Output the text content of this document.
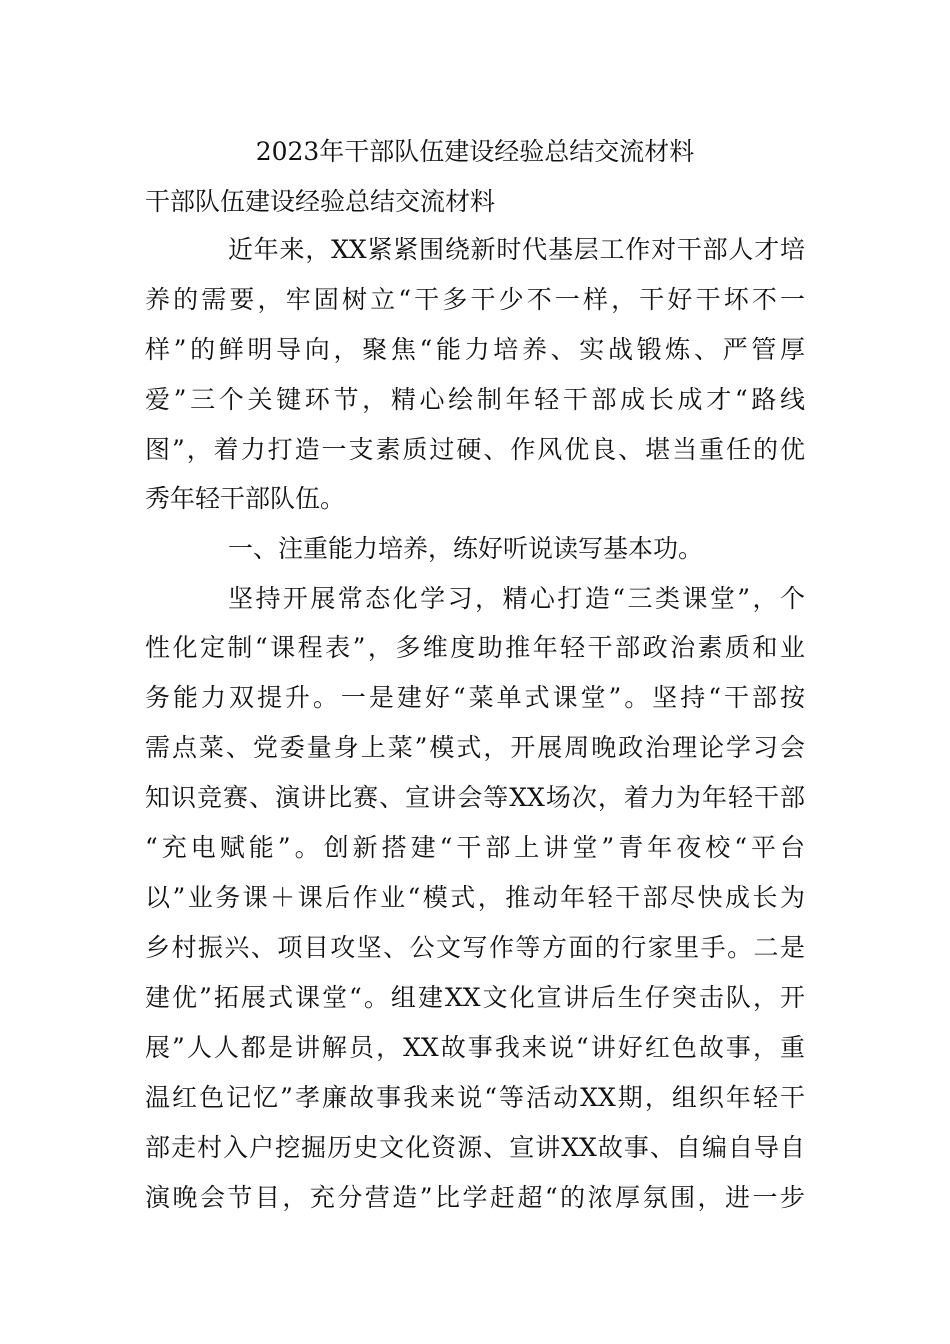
2023年干部队伍建设经验总结交流材料
干部队伍建设经验总结交流材料
近年来，XX紧紧围绕新时代基层工作对干部人才培
养的需要，牢固树立“干多干少不一样，干好干坏不一
样”的鲜明导向，聚焦“能力培养、实战锻炼、严管厚
爱”三个关键环节，精心绘制年轻干部成长成才“路线
图”，着力打造一支素质过硬、作风优良、堪当重任的优
秀年轻干部队伍。
一、注重能力培养，练好听说读写基本功。
坚持开展常态化学习，精心打造“三类课堂”，个
性化定制“课程表”，多维度助推年轻干部政治素质和业
务能力双提升。一是建好“菜单式课堂”。坚持“干部按
需点菜、党委量身上菜”模式，开展周晚政治理论学习会
知识竞赛、演讲比赛、宣讲会等XX场次，着力为年轻干部
“充电赋能”。创新搭建“干部上讲堂”青年夜校“平台
以”业务课＋课后作业“模式，推动年轻干部尽快成长为
乡村振兴、项目攻坚、公文写作等方面的行家里手。二是
建优”拓展式课堂“。组建XX文化宣讲后生仔突击队，开
展”人人都是讲解员，XX故事我来说“讲好红色故事，重
温红色记忆”孝廉故事我来说“等活动XX期，组织年轻干
部走村入户挖掘历史文化资源、宣讲XX故事、自编自导自
演晚会节目，充分营造”比学赶超“的浓厚氛围，进一步
